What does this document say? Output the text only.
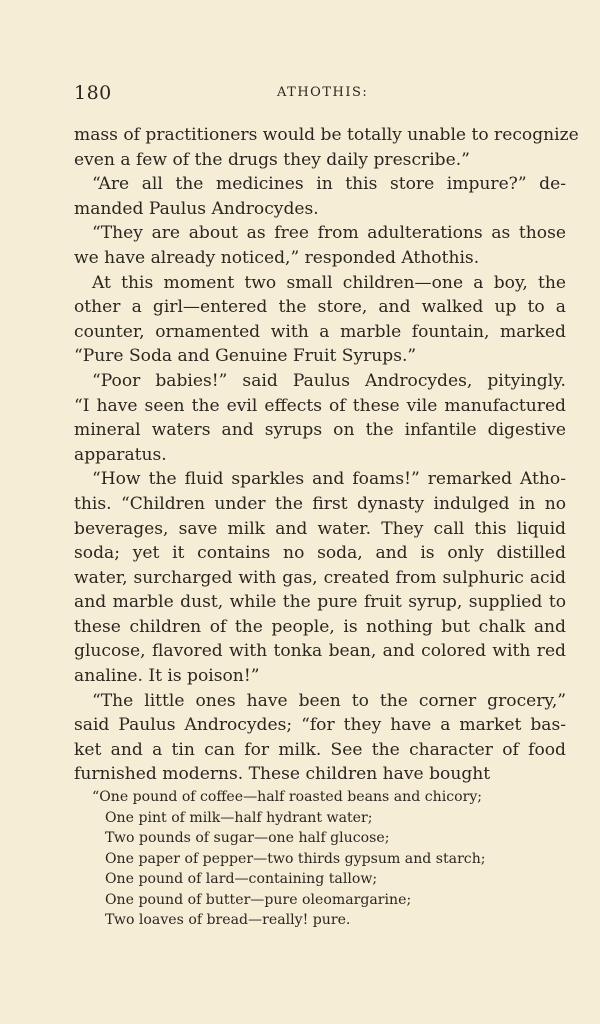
180	ATHOTHIS:
mass of practitioners would be totally unable to recognize
even a few of the drugs they daily prescribe.”
“Are all the medicines in this store impure?” de-
manded Paulus Androcydes.
“They are about as free from adulterations as those
we have already noticed,” responded Athothis.
At this moment two small children—one a boy, the
other a girl—entered the store, and walked up to a
counter, ornamented with a marble fountain, marked
“Pure Soda and Genuine Fruit Syrups.”
“Poor babies!” said Paulus Androcydes, pityingly.
“I have seen the evil effects of these vile manufactured
mineral waters and syrups on the infantile digestive
apparatus.
“How the fluid sparkles and foams!” remarked Atho-
this. “Children under the first dynasty indulged in no
beverages, save milk and water. They call this liquid
soda; yet it contains no soda, and is only distilled
water, surcharged with gas, created from sulphuric acid
and marble dust, while the pure fruit syrup, supplied to
these children of the people, is nothing but chalk and
glucose, flavored with tonka bean, and colored with red
analine. It is poison!”
“The little ones have been to the corner grocery,”
said Paulus Androcydes; “for they have a market bas-
ket and a tin can for milk. See the character of food
furnished moderns. These children have bought
“One pound of coffee—half roasted beans and chicory;
One pint of milk—half hydrant water;
Two pounds of sugar—one half glucose;
One paper of pepper—two thirds gypsum and starch;
One pound of lard—containing tallow;
One pound of butter—pure oleomargarine;
Two loaves of bread—really! pure.
